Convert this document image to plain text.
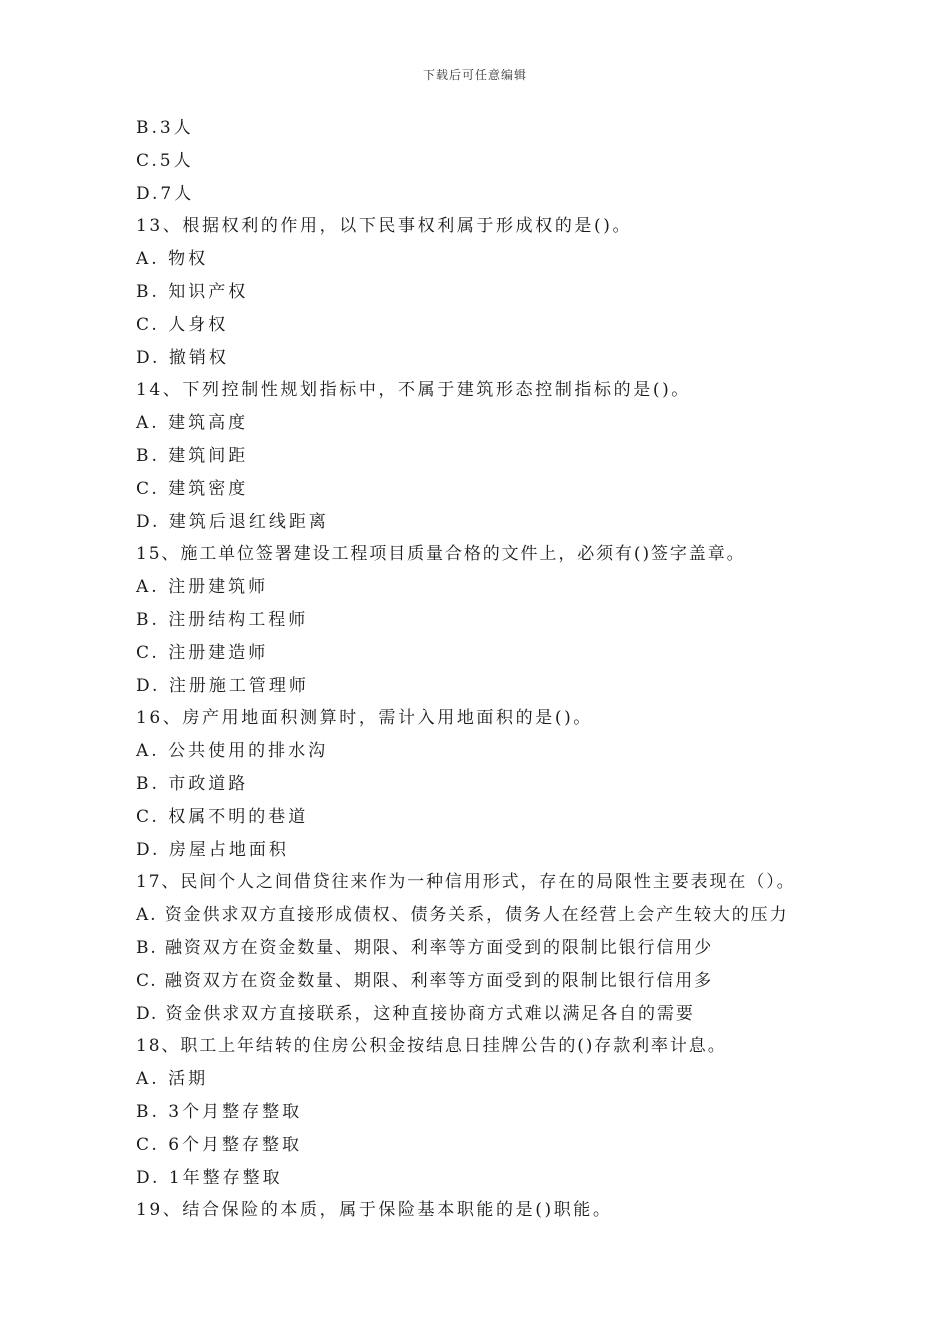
下载后可任意编辑
B.3人
C.5人
D.7人
13、根据权利的作用，以下民事权利属于形成权的是()。
A. 物权
B. 知识产权
C. 人身权
D. 撤销权
14、下列控制性规划指标中，不属于建筑形态控制指标的是()。
A. 建筑高度
B. 建筑间距
C. 建筑密度
D. 建筑后退红线距离
15、施工单位签署建设工程项目质量合格的文件上，必须有()签字盖章。
A. 注册建筑师
B. 注册结构工程师
C. 注册建造师
D. 注册施工管理师
16、房产用地面积测算时，需计入用地面积的是()。
A. 公共使用的排水沟
B. 市政道路
C. 权属不明的巷道
D. 房屋占地面积
17、民间个人之间借贷往来作为一种信用形式，存在的局限性主要表现在（）。
A. 资金供求双方直接形成债权、债务关系，债务人在经营上会产生较大的压力
B. 融资双方在资金数量、期限、利率等方面受到的限制比银行信用少
C. 融资双方在资金数量、期限、利率等方面受到的限制比银行信用多
D. 资金供求双方直接联系，这种直接协商方式难以满足各自的需要
18、职工上年结转的住房公积金按结息日挂牌公告的()存款利率计息。
A. 活期
B. 3个月整存整取
C. 6个月整存整取
D. 1年整存整取
19、结合保险的本质，属于保险基本职能的是()职能。
